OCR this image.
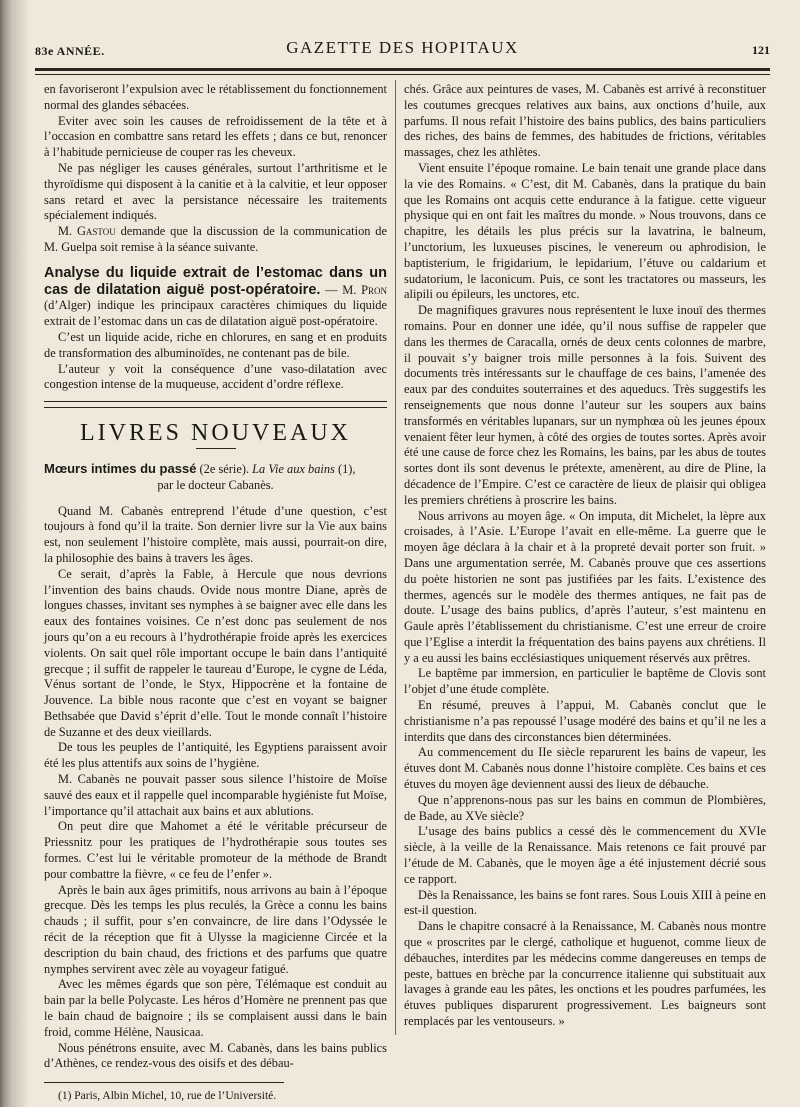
83e ANNÉE.	GAZETTE DES HOPITAUX	121

en favoriseront l’expulsion avec le rétablissement du fonctionnement normal des glandes sébacées.

Eviter avec soin les causes de refroidissement de la tête et à l’occasion en combattre sans retard les effets ; dans ce but, renoncer à l’habitude pernicieuse de couper ras les cheveux.

Ne pas négliger les causes générales, surtout l’arthritisme et le thyroïdisme qui disposent à la canitie et à la calvitie, et leur opposer sans retard et avec la persistance nécessaire les traitements spécialement indiqués.

M. Gastou demande que la discussion de la communication de M. Guelpa soit remise à la séance suivante.

Analyse du liquide extrait de l’estomac dans un cas de dilatation aiguë post-opératoire. — M. Pron (d’Alger) indique les principaux caractères chimiques du liquide extrait de l’estomac dans un cas de dilatation aiguë post-opératoire.

C’est un liquide acide, riche en chlorures, en sang et en produits de transformation des albuminoïdes, ne contenant pas de bile.

L’auteur y voit la conséquence d’une vaso-dilatation avec congestion intense de la muqueuse, accident d’ordre réflexe.

LIVRES NOUVEAUX

Mœurs intimes du passé (2e série). La Vie aux bains (1),

par le docteur Cabanès.

Quand M. Cabanès entreprend l’étude d’une question, c’est toujours à fond qu’il la traite. Son dernier livre sur la Vie aux bains est, non seulement l’histoire complète, mais aussi, pourrait-on dire, la philosophie des bains à travers les âges.

Ce serait, d’après la Fable, à Hercule que nous devrions l’invention des bains chauds. Ovide nous montre Diane, après de longues chasses, invitant ses nymphes à se baigner avec elle dans les eaux des fontaines voisines. Ce n’est donc pas seulement de nos jours qu’on a eu recours à l’hydrothérapie froide après les exercices violents. On sait quel rôle important occupe le bain dans l’antiquité grecque ; il suffit de rappeler le taureau d’Europe, le cygne de Léda, Vénus sortant de l’onde, le Styx, Hippocrène et la fontaine de Jouvence. La bible nous raconte que c’est en voyant se baigner Bethsabée que David s’éprit d’elle. Tout le monde connaît l’histoire de Suzanne et des deux vieillards.

De tous les peuples de l’antiquité, les Egyptiens paraissent avoir été les plus attentifs aux soins de l’hygiène.

M. Cabanès ne pouvait passer sous silence l’histoire de Moïse sauvé des eaux et il rappelle quel incomparable hygiéniste fut Moïse, l’importance qu’il attachait aux bains et aux ablutions.

On peut dire que Mahomet a été le véritable précurseur de Priessnitz pour les pratiques de l’hydrothérapie sous toutes ses formes. C’est lui le véritable promoteur de la méthode de Brandt pour combattre la fièvre, « ce feu de l’enfer ».

Après le bain aux âges primitifs, nous arrivons au bain à l’époque grecque. Dès les temps les plus reculés, la Grèce a connu les bains chauds ; il suffit, pour s’en convaincre, de lire dans l’Odyssée le récit de la réception que fit à Ulysse la magicienne Circée et la description du bain chaud, des frictions et des parfums que quatre nymphes servirent avec zèle au voyageur fatigué.

Avec les mêmes égards que son père, Télémaque est conduit au bain par la belle Polycaste. Les héros d’Homère ne prennent pas que le bain chaud de baignoire ; ils se complaisent aussi dans le bain froid, comme Hélène, Nausicaa.

Nous pénétrons ensuite, avec M. Cabanès, dans les bains publics d’Athènes, ce rendez-vous des oisifs et des débau-

(1) Paris, Albin Michel, 10, rue de l’Université.

chés. Grâce aux peintures de vases, M. Cabanès est arrivé à reconstituer les coutumes grecques relatives aux bains, aux onctions d’huile, aux parfums. Il nous refait l’histoire des bains publics, des bains particuliers des riches, des bains de femmes, des habitudes de frictions, véritables massages, chez les athlètes.

Vient ensuite l’époque romaine. Le bain tenait une grande place dans la vie des Romains. « C’est, dit M. Cabanès, dans la pratique du bain que les Romains ont acquis cette endurance à la fatigue. cette vigueur physique qui en ont fait les maîtres du monde. » Nous trouvons, dans ce chapitre, les détails les plus précis sur la lavatrina, le balneum, l’unctorium, les luxueuses piscines, le venereum ou aphrodision, le baptisterium, le frigidarium, le lepidarium, l’étuve ou caldarium et sudatorium, le laconicum. Puis, ce sont les tractatores ou masseurs, les alipili ou épileurs, les unctores, etc.

De magnifiques gravures nous représentent le luxe inouï des thermes romains. Pour en donner une idée, qu’il nous suffise de rappeler que dans les thermes de Caracalla, ornés de deux cents colonnes de marbre, il pouvait s’y baigner trois mille personnes à la fois. Suivent des documents très intéressants sur le chauffage de ces bains, l’amenée des eaux par des conduites souterraines et des aqueducs. Très suggestifs les renseignements que nous donne l’auteur sur les soupers aux bains transformés en véritables lupanars, sur un nymphœa où les jeunes époux venaient fêter leur hymen, à côté des orgies de toutes sortes. Après avoir été une cause de force chez les Romains, les bains, par les abus de toutes sortes dont ils sont devenus le prétexte, amenèrent, au dire de Pline, la décadence de l’Empire. C’est ce caractère de lieux de plaisir qui obligea les premiers chrétiens à proscrire les bains.

Nous arrivons au moyen âge. « On imputa, dit Michelet, la lèpre aux croisades, à l’Asie. L’Europe l’avait en elle-même. La guerre que le moyen âge déclara à la chair et à la propreté devait porter son fruit. » Dans une argumentation serrée, M. Cabanès prouve que ces assertions du poète historien ne sont pas justifiées par les faits. L’existence des thermes, agencés sur le modèle des thermes antiques, ne fait pas de doute. L’usage des bains publics, d’après l’auteur, s’est maintenu en Gaule après l’établissement du christianisme. C’est une erreur de croire que l’Eglise a interdit la fréquentation des bains payens aux chrétiens. Il y a eu aussi les bains ecclésiastiques uniquement réservés aux prêtres.

Le baptême par immersion, en particulier le baptême de Clovis sont l’objet d’une étude complète.

En résumé, preuves à l’appui, M. Cabanès conclut que le christianisme n’a pas repoussé l’usage modéré des bains et qu’il ne les a interdits que dans des circonstances bien déterminées.

Au commencement du IIe siècle reparurent les bains de vapeur, les étuves dont M. Cabanès nous donne l’histoire complète. Ces bains et ces étuves du moyen âge deviennent aussi des lieux de débauche.

Que n’apprenons-nous pas sur les bains en commun de Plombières, de Bade, au XVe siècle?

L’usage des bains publics a cessé dès le commencement du XVIe siècle, à la veille de la Renaissance. Mais retenons ce fait prouvé par l’étude de M. Cabanès, que le moyen âge a été injustement décrié sous ce rapport.

Dès la Renaissance, les bains se font rares. Sous Louis XIII à peine en est-il question.

Dans le chapitre consacré à la Renaissance, M. Cabanès nous montre que « proscrites par le clergé, catholique et huguenot, comme lieux de débauches, interdites par les médecins comme dangereuses en temps de peste, battues en brèche par la concurrence italienne qui substituait aux lavages à grande eau les pâtes, les onctions et les poudres parfumées, les étuves publiques disparurent progressivement. Les baigneurs sont remplacés par les ventouseurs. »
